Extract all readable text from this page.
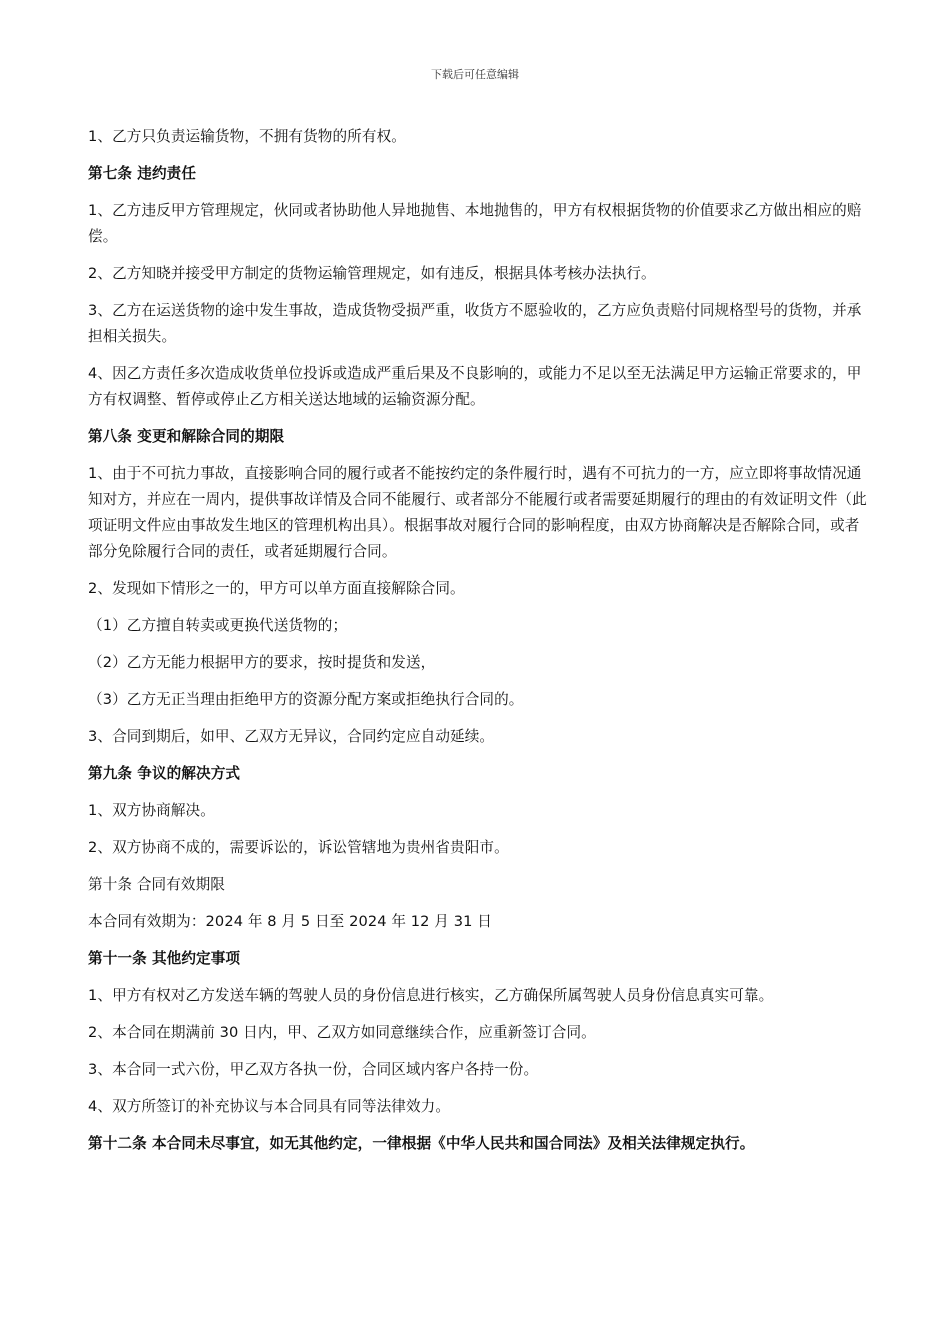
下载后可任意编辑

1、乙方只负责运输货物，不拥有货物的所有权。

第七条 违约责任

1、乙方违反甲方管理规定，伙同或者协助他人异地抛售、本地抛售的，甲方有权根据货物的价值要求乙方做出相应的赔偿。

2、乙方知晓并接受甲方制定的货物运输管理规定，如有违反，根据具体考核办法执行。

3、乙方在运送货物的途中发生事故，造成货物受损严重，收货方不愿验收的，乙方应负责赔付同规格型号的货物，并承担相关损失。

4、因乙方责任多次造成收货单位投诉或造成严重后果及不良影响的，或能力不足以至无法满足甲方运输正常要求的，甲方有权调整、暂停或停止乙方相关送达地域的运输资源分配。

第八条 变更和解除合同的期限

1、由于不可抗力事故，直接影响合同的履行或者不能按约定的条件履行时，遇有不可抗力的一方，应立即将事故情况通知对方，并应在一周内，提供事故详情及合同不能履行、或者部分不能履行或者需要延期履行的理由的有效证明文件（此项证明文件应由事故发生地区的管理机构出具）。根据事故对履行合同的影响程度，由双方协商解决是否解除合同，或者部分免除履行合同的责任，或者延期履行合同。

2、发现如下情形之一的，甲方可以单方面直接解除合同。

（1）乙方擅自转卖或更换代送货物的；

（2）乙方无能力根据甲方的要求，按时提货和发送，

（3）乙方无正当理由拒绝甲方的资源分配方案或拒绝执行合同的。

3、合同到期后，如甲、乙双方无异议，合同约定应自动延续。

第九条 争议的解决方式

1、双方协商解决。

2、双方协商不成的，需要诉讼的，诉讼管辖地为贵州省贵阳市。

第十条 合同有效期限

本合同有效期为：2024 年 8 月 5 日至 2024 年 12 月 31 日

第十一条 其他约定事项

1、甲方有权对乙方发送车辆的驾驶人员的身份信息进行核实，乙方确保所属驾驶人员身份信息真实可靠。

2、本合同在期满前 30 日内，甲、乙双方如同意继续合作，应重新签订合同。

3、本合同一式六份，甲乙双方各执一份，合同区域内客户各持一份。

4、双方所签订的补充协议与本合同具有同等法律效力。

第十二条 本合同未尽事宜，如无其他约定，一律根据《中华人民共和国合同法》及相关法律规定执行。
